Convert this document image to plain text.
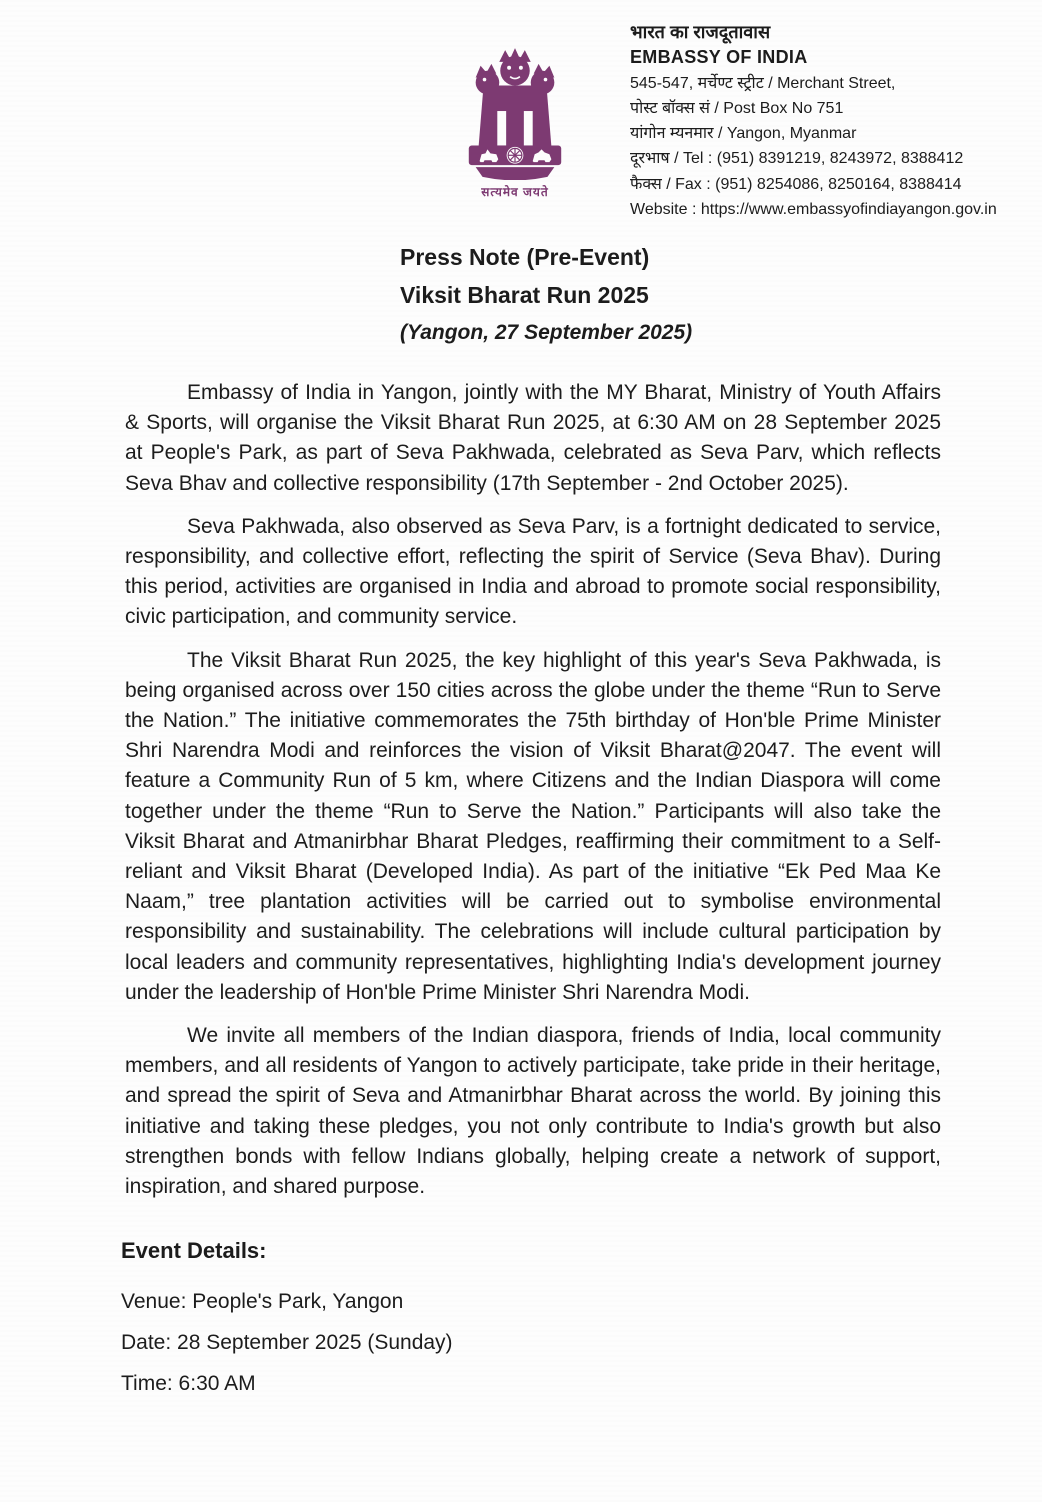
सत्यमेव जयते
भारत का राजदूतावास
EMBASSY OF INDIA
545-547, मर्चेण्ट स्ट्रीट / Merchant Street,
पोस्ट बॉक्स सं / Post Box No 751
यांगोन म्यनमार / Yangon, Myanmar
दूरभाष / Tel : (951) 8391219, 8243972, 8388412
फैक्स / Fax : (951) 8254086, 8250164, 8388414
Website : https://www.embassyofindiayangon.gov.in
Press Note (Pre-Event)
Viksit Bharat Run 2025
(Yangon, 27 September 2025)

Embassy of India in Yangon, jointly with the MY Bharat, Ministry of Youth Affairs & Sports, will organise the Viksit Bharat Run 2025, at 6:30 AM on 28 September 2025 at People's Park, as part of Seva Pakhwada, celebrated as Seva Parv, which reflects Seva Bhav and collective responsibility (17th September - 2nd October 2025).

Seva Pakhwada, also observed as Seva Parv, is a fortnight dedicated to service, responsibility, and collective effort, reflecting the spirit of Service (Seva Bhav). During this period, activities are organised in India and abroad to promote social responsibility, civic participation, and community service.

The Viksit Bharat Run 2025, the key highlight of this year's Seva Pakhwada, is being organised across over 150 cities across the globe under the theme “Run to Serve the Nation.” The initiative commemorates the 75th birthday of Hon'ble Prime Minister Shri Narendra Modi and reinforces the vision of Viksit Bharat@2047. The event will feature a Community Run of 5 km, where Citizens and the Indian Diaspora will come together under the theme “Run to Serve the Nation.” Participants will also take the Viksit Bharat and Atmanirbhar Bharat Pledges, reaffirming their commitment to a Self-reliant and Viksit Bharat (Developed India). As part of the initiative “Ek Ped Maa Ke Naam,” tree plantation activities will be carried out to symbolise environmental responsibility and sustainability. The celebrations will include cultural participation by local leaders and community representatives, highlighting India's development journey under the leadership of Hon'ble Prime Minister Shri Narendra Modi.

We invite all members of the Indian diaspora, friends of India, local community members, and all residents of Yangon to actively participate, take pride in their heritage, and spread the spirit of Seva and Atmanirbhar Bharat across the world. By joining this initiative and taking these pledges, you not only contribute to India's growth but also strengthen bonds with fellow Indians globally, helping create a network of support, inspiration, and shared purpose.

Event Details:

Venue: People's Park, Yangon

Date: 28 September 2025 (Sunday)

Time: 6:30 AM
